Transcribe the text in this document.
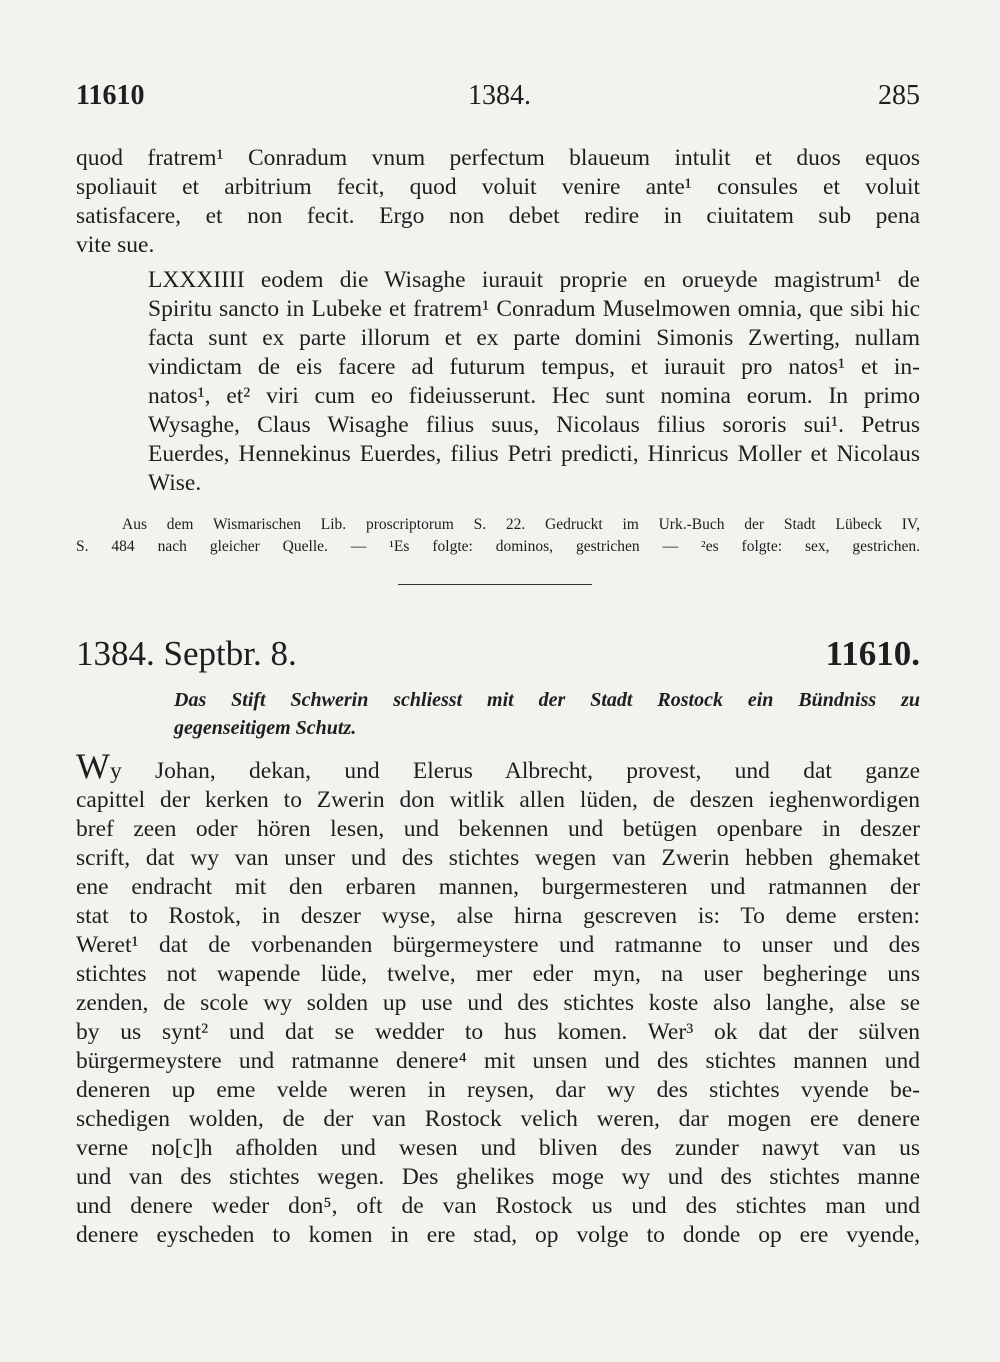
11610	1384.	285

quod fratrem¹ Conradum vnum perfectum blaueum intulit et duos equos
spoliauit et arbitrium fecit, quod voluit venire ante¹ consules et voluit
satisfacere, et non fecit. Ergo non debet redire in ciuitatem sub pena
vite sue.

LXXXIIII eodem die Wisaghe iurauit proprie en orueyde magistrum¹ de
Spiritu sancto in Lubeke et fratrem¹ Conradum Muselmowen omnia, que sibi hic
facta sunt ex parte illorum et ex parte domini Simonis Zwerting, nullam
vindictam de eis facere ad futurum tempus, et iurauit pro natos¹ et in-
natos¹, et² viri cum eo fideiusserunt. Hec sunt nomina eorum. In primo
Wysaghe, Claus Wisaghe filius suus, Nicolaus filius sororis sui¹. Petrus
Euerdes, Hennekinus Euerdes, filius Petri predicti, Hinricus Moller et Nicolaus
Wise.

Aus dem Wismarischen Lib. proscriptorum S. 22. Gedruckt im Urk.-Buch der Stadt Lübeck IV,
S. 484 nach gleicher Quelle. — ¹Es folgte: dominos, gestrichen — ²es folgte: sex, gestrichen.
1384. Septbr. 8.	11610.
Das Stift Schwerin schliesst mit der Stadt Rostock ein Bündniss zu
gegenseitigem Schutz.

Wy Johan, dekan, und Elerus Albrecht, provest, und dat ganze
capittel der kerken to Zwerin don witlik allen lüden, de deszen ieghenwordigen
bref zeen oder hören lesen, und bekennen und betügen openbare in deszer
scrift, dat wy van unser und des stichtes wegen van Zwerin hebben ghemaket
ene endracht mit den erbaren mannen, burgermesteren und ratmannen der
stat to Rostok, in deszer wyse, alse hirna gescreven is: To deme ersten:
Weret¹ dat de vorbenanden bürgermeystere und ratmanne to unser und des
stichtes not wapende lüde, twelve, mer eder myn, na user begheringe uns
zenden, de scole wy solden up use und des stichtes koste also langhe, alse se
by us synt² und dat se wedder to hus komen. Wer³ ok dat der sülven
bürgermeystere und ratmanne denere⁴ mit unsen und des stichtes mannen und
deneren up eme velde weren in reysen, dar wy des stichtes vyende be-
schedigen wolden, de der van Rostock velich weren, dar mogen ere denere
verne no[c]h afholden und wesen und bliven des zunder nawyt van us
und van des stichtes wegen. Des ghelikes moge wy und des stichtes manne
und denere weder don⁵, oft de van Rostock us und des stichtes man und
denere eyscheden to komen in ere stad, op volge to donde op ere vyende,
